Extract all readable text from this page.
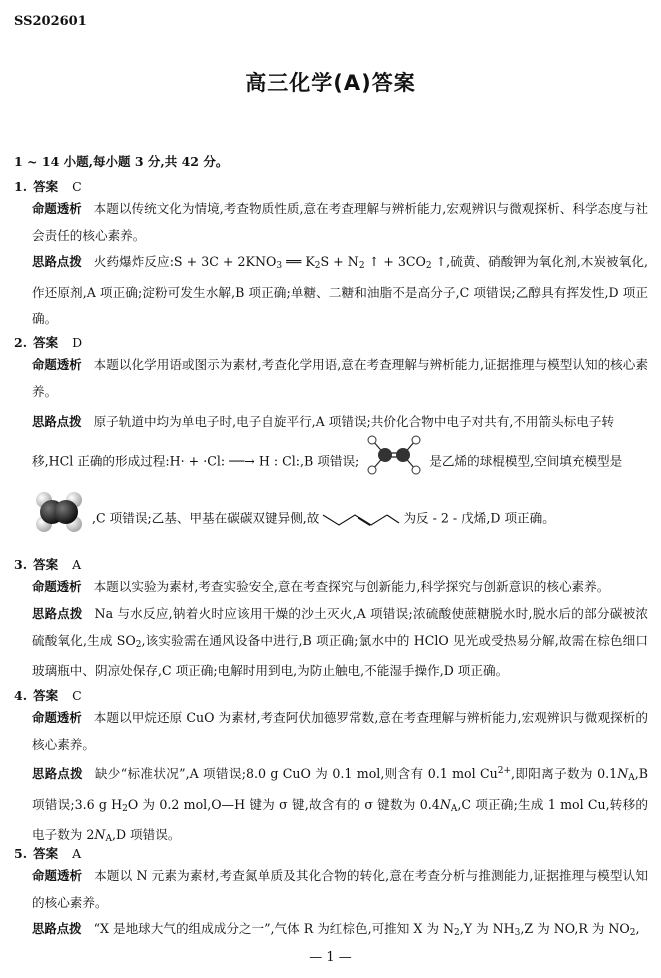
SS202601
高三化学(A)答案
1 ~ 14 小题,每小题 3 分,共 42 分。
1. 答案 C
命题透析 本题以传统文化为情境,考查物质性质,意在考查理解与辨析能力,宏观辨识与微观探析、科学态度与社会责任的核心素养。
思路点拨 火药爆炸反应:S + $3C + 2KNO_3$ ══ $K_2S + N_2$ ↑ + $3CO_2$ ↑,硫黄、硝酸钾为氧化剂,木炭被氧化,作还原剂,A 项正确;淀粉可发生水解,B 项正确;单糖、二糖和油脂不是高分子,C 项错误;乙醇具有挥发性,D 项正确。
2. 答案 D
命题透析 本题以化学用语或图示为素材,考查化学用语,意在考查理解与辨析能力,证据推理与模型认知的核心素养。
思路点拨 原子轨道中均为单电子时,电子自旋平行,A 项错误;共价化合物中电子对共有,不用箭头标电子转
移,HCl 正确的形成过程:H· + ·Cl: ──→ H : Cl:,B 项错误;	是乙烯的球棍模型,空间填充模型是
,C 项错误;乙基、甲基在碳碳双键异侧,故	为反 - 2 - 戊烯,D 项正确。
3. 答案 A
命题透析 本题以实验为素材,考查实验安全,意在考查探究与创新能力,科学探究与创新意识的核心素养。
思路点拨 Na 与水反应,钠着火时应该用干燥的沙土灭火,A 项错误;浓硫酸使蔗糖脱水时,脱水后的部分碳被浓硫酸氧化,生成 $SO_2$,该实验需在通风设备中进行,B 项正确;氯水中的 HClO 见光或受热易分解,故需在棕色细口玻璃瓶中、阴凉处保存,C 项正确;电解时用到电,为防止触电,不能湿手操作,D 项正确。
4. 答案 C
命题透析 本题以甲烷还原 CuO 为素材,考查阿伏加德罗常数,意在考查理解与辨析能力,宏观辨识与微观探析的核心素养。
思路点拨 缺少“标准状况”,A 项错误;8.0 g CuO 为 0.1 mol,则含有 0.1 mol $Cu^{2+}$,即阳离子数为 $0.1N_A,B$ 项错误;3.6 g $H_2O$ 为 0.2 mol,O—H 键为 σ 键,故含有的 σ 键数为 $0.4N_A,C$ 项正确;生成 1 mol Cu,转移的电子数为 $2N_A,D$ 项错误。
5. 答案 A
命题透析 本题以 N 元素为素材,考查氮单质及其化合物的转化,意在考查分析与推测能力,证据推理与模型认知的核心素养。
思路点拨 “X 是地球大气的组成成分之一”,气体 R 为红棕色,可推知 X 为 $N_2,Y$ 为 $NH_3,Z$ 为 NO,R 为 $NO_2$,
— 1 —
